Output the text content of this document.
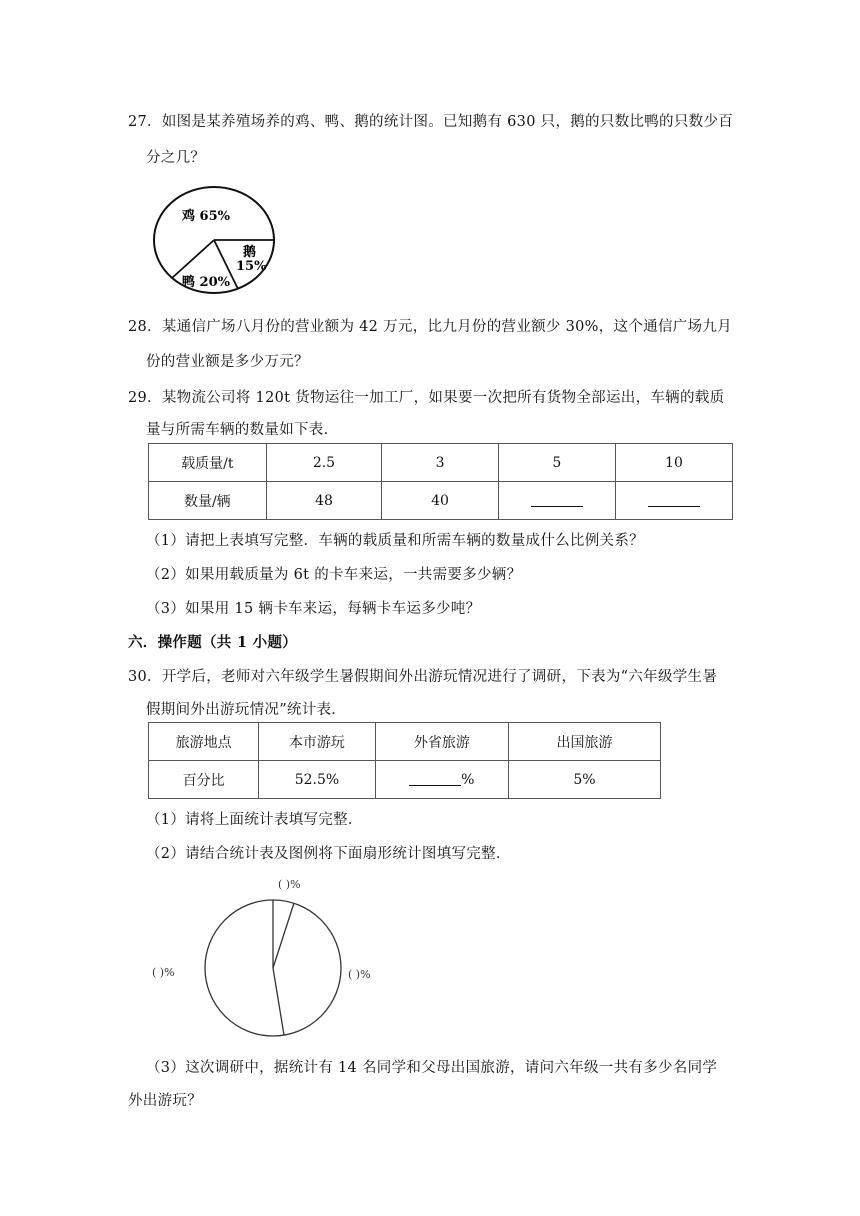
27．如图是某养殖场养的鸡、鸭、鹅的统计图。已知鹅有 630 只，鹅的只数比鸭的只数少百
分之几？
鸡 65%
鹅
15%
鸭 20%
28．某通信广场八月份的营业额为 42 万元，比九月份的营业额少 30%，这个通信广场九月
份的营业额是多少万元？
29．某物流公司将 120t 货物运往一加工厂，如果要一次把所有货物全部运出，车辆的载质
量与所需车辆的数量如下表．
载质量/t	2.5	3	5	10
数量/辆	48	40		
（1）请把上表填写完整．车辆的载质量和所需车辆的数量成什么比例关系？
（2）如果用载质量为 6t 的卡车来运，一共需要多少辆？
（3）如果用 15 辆卡车来运，每辆卡车运多少吨？
六．操作题（共 1 小题）
30．开学后，老师对六年级学生暑假期间外出游玩情况进行了调研，下表为“六年级学生暑
假期间外出游玩情况”统计表．
旅游地点	本市游玩	外省旅游	出国旅游
百分比	52.5%	%	5%
（1）请将上面统计表填写完整．
（2）请结合统计表及图例将下面扇形统计图填写完整．
( )%
( )%	( )%
（3）这次调研中，据统计有 14 名同学和父母出国旅游，请问六年级一共有多少名同学
外出游玩？
